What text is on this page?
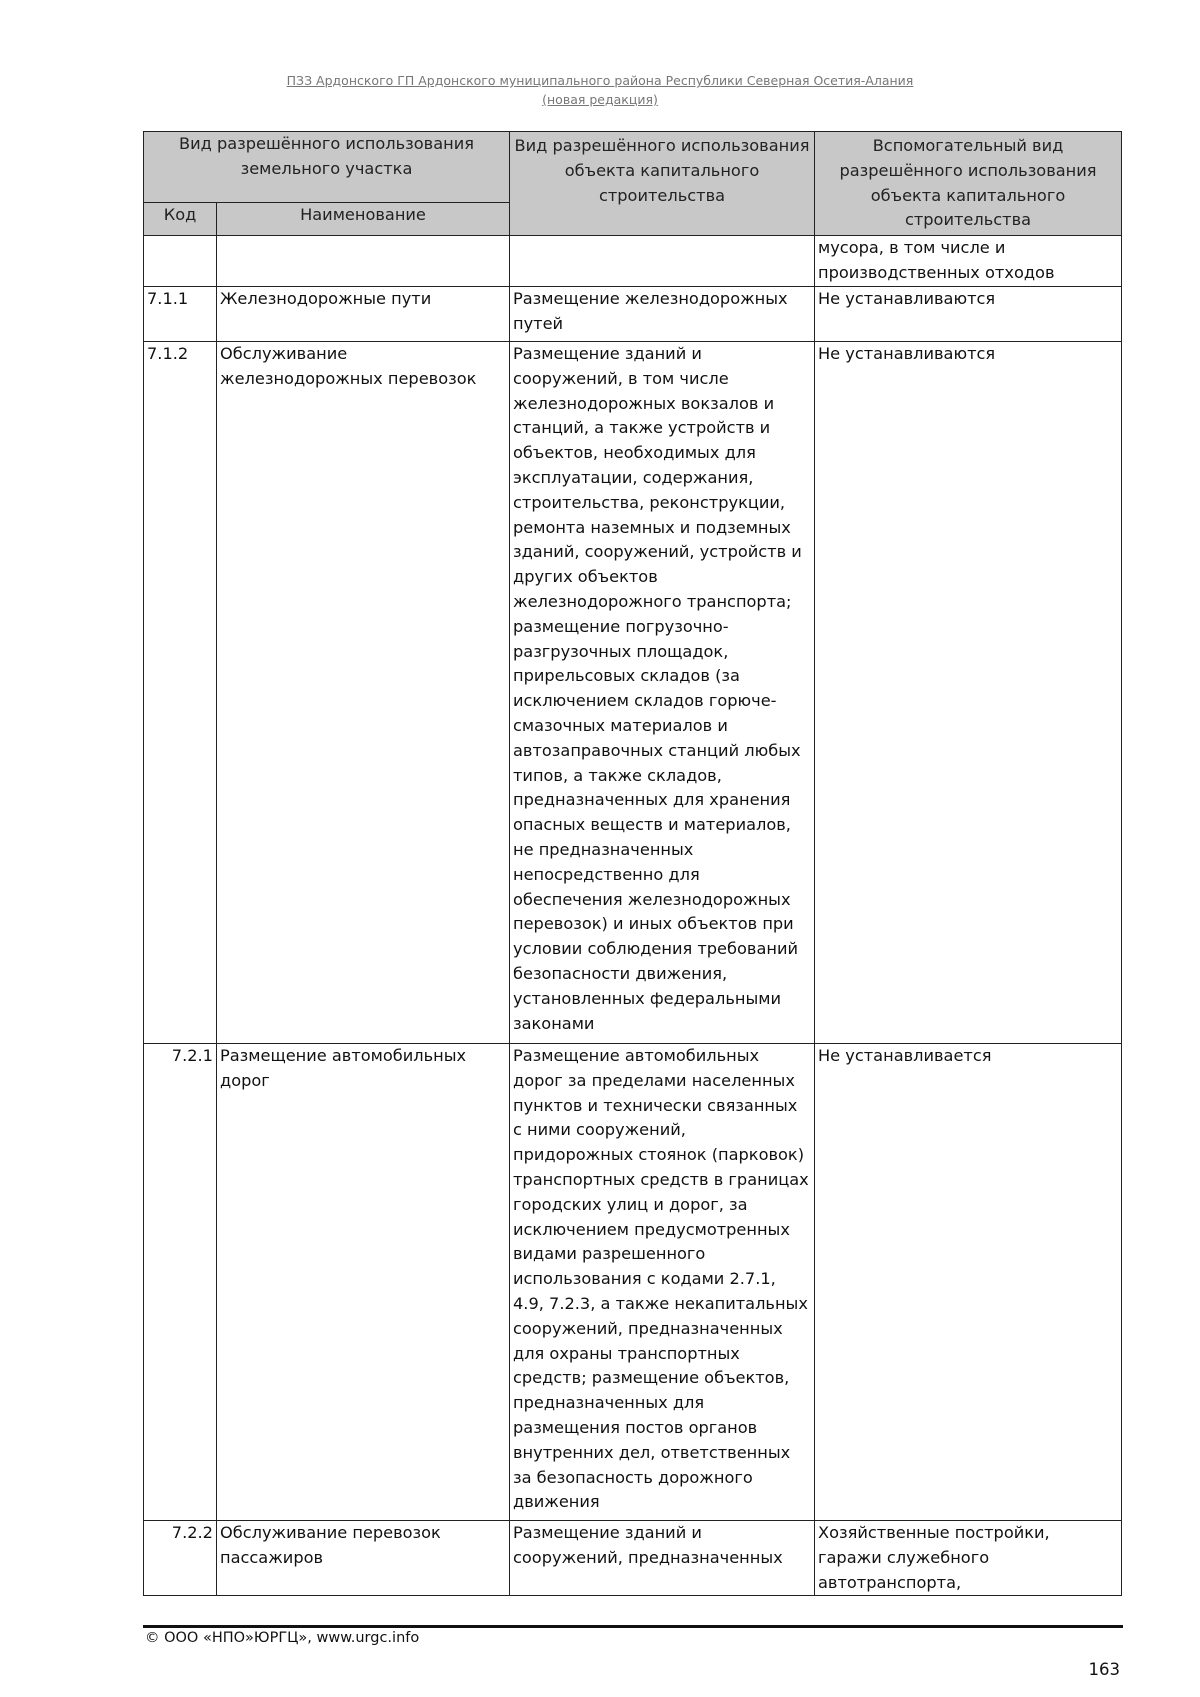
ПЗЗ Ардонского ГП Ардонского муниципального района Республики Северная Осетия-Алания
(новая редакция)
Вид разрешённого использования земельного участка		Вид разрешённого использования объекта капитального строительства	Вспомогательный вид разрешённого использования объекта капитального строительства
Код	Наименование		
			мусора, в том числе и производственных отходов
7.1.1	Железнодорожные пути	Размещение железнодорожных путей	Не устанавливаются
7.1.2	Обслуживание железнодорожных перевозок	Размещение зданий и сооружений, в том числе железнодорожных вокзалов и станций, а также устройств и объектов, необходимых для эксплуатации, содержания, строительства, реконструкции, ремонта наземных и подземных зданий, сооружений, устройств и других объектов железнодорожного транспорта; размещение погрузочно-разгрузочных площадок, прирельсовых складов (за исключением складов горюче-смазочных материалов и автозаправочных станций любых типов, а также складов, предназначенных для хранения опасных веществ и материалов, не предназначенных непосредственно для обеспечения железнодорожных перевозок) и иных объектов при условии соблюдения требований безопасности движения, установленных федеральными законами	Не устанавливаются
7.2.1	Размещение автомобильных дорог	Размещение автомобильных дорог за пределами населенных пунктов и технически связанных с ними сооружений, придорожных стоянок (парковок) транспортных средств в границах городских улиц и дорог, за исключением предусмотренных видами разрешенного использования с кодами 2.7.1, 4.9, 7.2.3, а также некапитальных сооружений, предназначенных для охраны транспортных средств; размещение объектов, предназначенных для размещения постов органов внутренних дел, ответственных за безопасность дорожного движения	Не устанавливается
7.2.2	Обслуживание перевозок пассажиров	Размещение зданий и сооружений, предназначенных	Хозяйственные постройки, гаражи служебного автотранспорта,
© ООО «НПО»ЮРГЦ», www.urgc.info
163
